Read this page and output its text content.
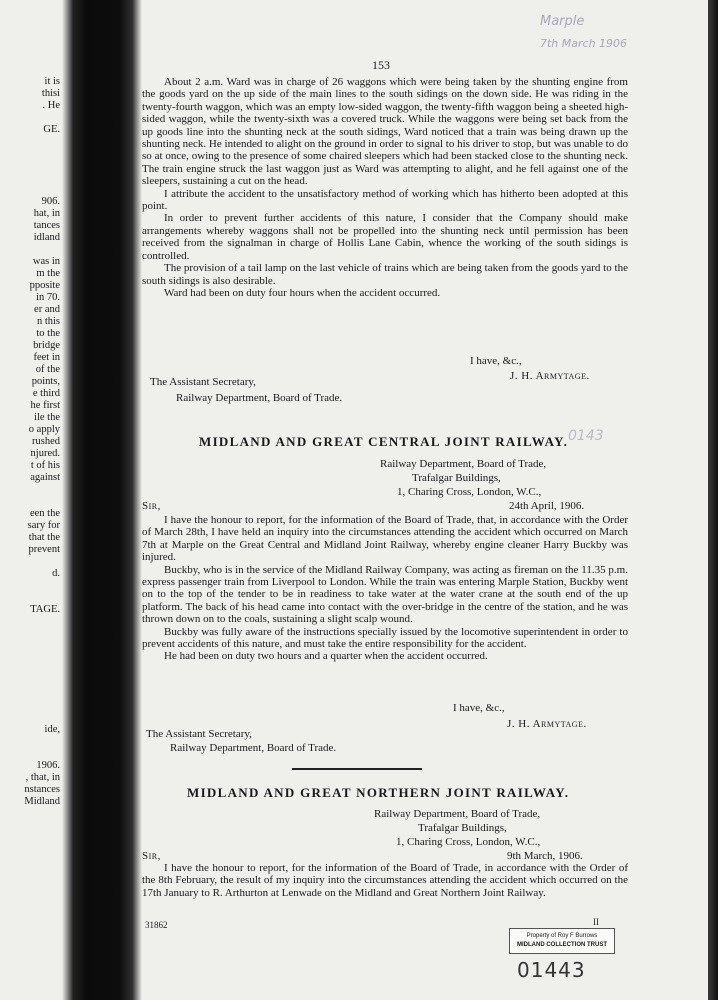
it is
thisi
. He
GE.
906.
hat, in
tances
idland
was in
m the
pposite
in 70.
er and
n this
to the
bridge
feet in
of the
points,
e third
he first
ile the
o apply
rushed
njured.
t of his
against
een the
sary for
that the
prevent
d.
TAGE.
ide,
1906.
, that, in
nstances
Midland
Marple
7th March 1906
0143
153

About 2 a.m. Ward was in charge of 26 waggons which were being taken by the shunting engine from the goods yard on the up side of the main lines to the south sidings on the down side. He was riding in the twenty-fourth waggon, which was an empty low-sided waggon, the twenty-fifth waggon being a sheeted high-sided waggon, while the twenty-sixth was a covered truck. While the waggons were being set back from the up goods line into the shunting neck at the south sidings, Ward noticed that a train was being drawn up the shunting neck. He intended to alight on the ground in order to signal to his driver to stop, but was unable to do so at once, owing to the presence of some chaired sleepers which had been stacked close to the shunting neck. The train engine struck the last waggon just as Ward was attempting to alight, and he fell against one of the sleepers, sustaining a cut on the head.

I attribute the accident to the unsatisfactory method of working which has hitherto been adopted at this point.

In order to prevent further accidents of this nature, I consider that the Company should make arrangements whereby waggons shall not be propelled into the shunting neck until permission has been received from the signalman in charge of Hollis Lane Cabin, whence the working of the south sidings is controlled.

The provision of a tail lamp on the last vehicle of trains which are being taken from the goods yard to the south sidings is also desirable.

Ward had been on duty four hours when the accident occurred.

I have, &c.,
J. H. Armytage.
The Assistant Secretary,
Railway Department, Board of Trade.
MIDLAND AND GREAT CENTRAL JOINT RAILWAY.
Railway Department, Board of Trade,
Trafalgar Buildings,
1, Charing Cross, London, W.C.,
24th April, 1906.
Sir,

I have the honour to report, for the information of the Board of Trade, that, in accordance with the Order of March 28th, I have held an inquiry into the circumstances attending the accident which occurred on March 7th at Marple on the Great Central and Midland Joint Railway, whereby engine cleaner Harry Buckby was injured.

Buckby, who is in the service of the Midland Railway Company, was acting as fireman on the 11.35 p.m. express passenger train from Liverpool to London. While the train was entering Marple Station, Buckby went on to the top of the tender to be in readiness to take water at the water crane at the south end of the up platform. The back of his head came into contact with the over-bridge in the centre of the station, and he was thrown down on to the coals, sustaining a slight scalp wound.

Buckby was fully aware of the instructions specially issued by the locomotive superintendent in order to prevent accidents of this nature, and must take the entire responsibility for the accident.

He had been on duty two hours and a quarter when the accident occurred.

I have, &c.,
J. H. Armytage.
The Assistant Secretary,
Railway Department, Board of Trade.
MIDLAND AND GREAT NORTHERN JOINT RAILWAY.
Railway Department, Board of Trade,
Trafalgar Buildings,
1, Charing Cross, London, W.C.,
9th March, 1906.
Sir,

I have the honour to report, for the information of the Board of Trade, in accordance with the Order of the 8th February, the result of my inquiry into the circumstances attending the accident which occurred on the 17th January to R. Arthurton at Lenwade on the Midland and Great Northern Joint Railway.

31862	II
Property of Roy F Burrows
MIDLAND COLLECTION TRUST
01443
